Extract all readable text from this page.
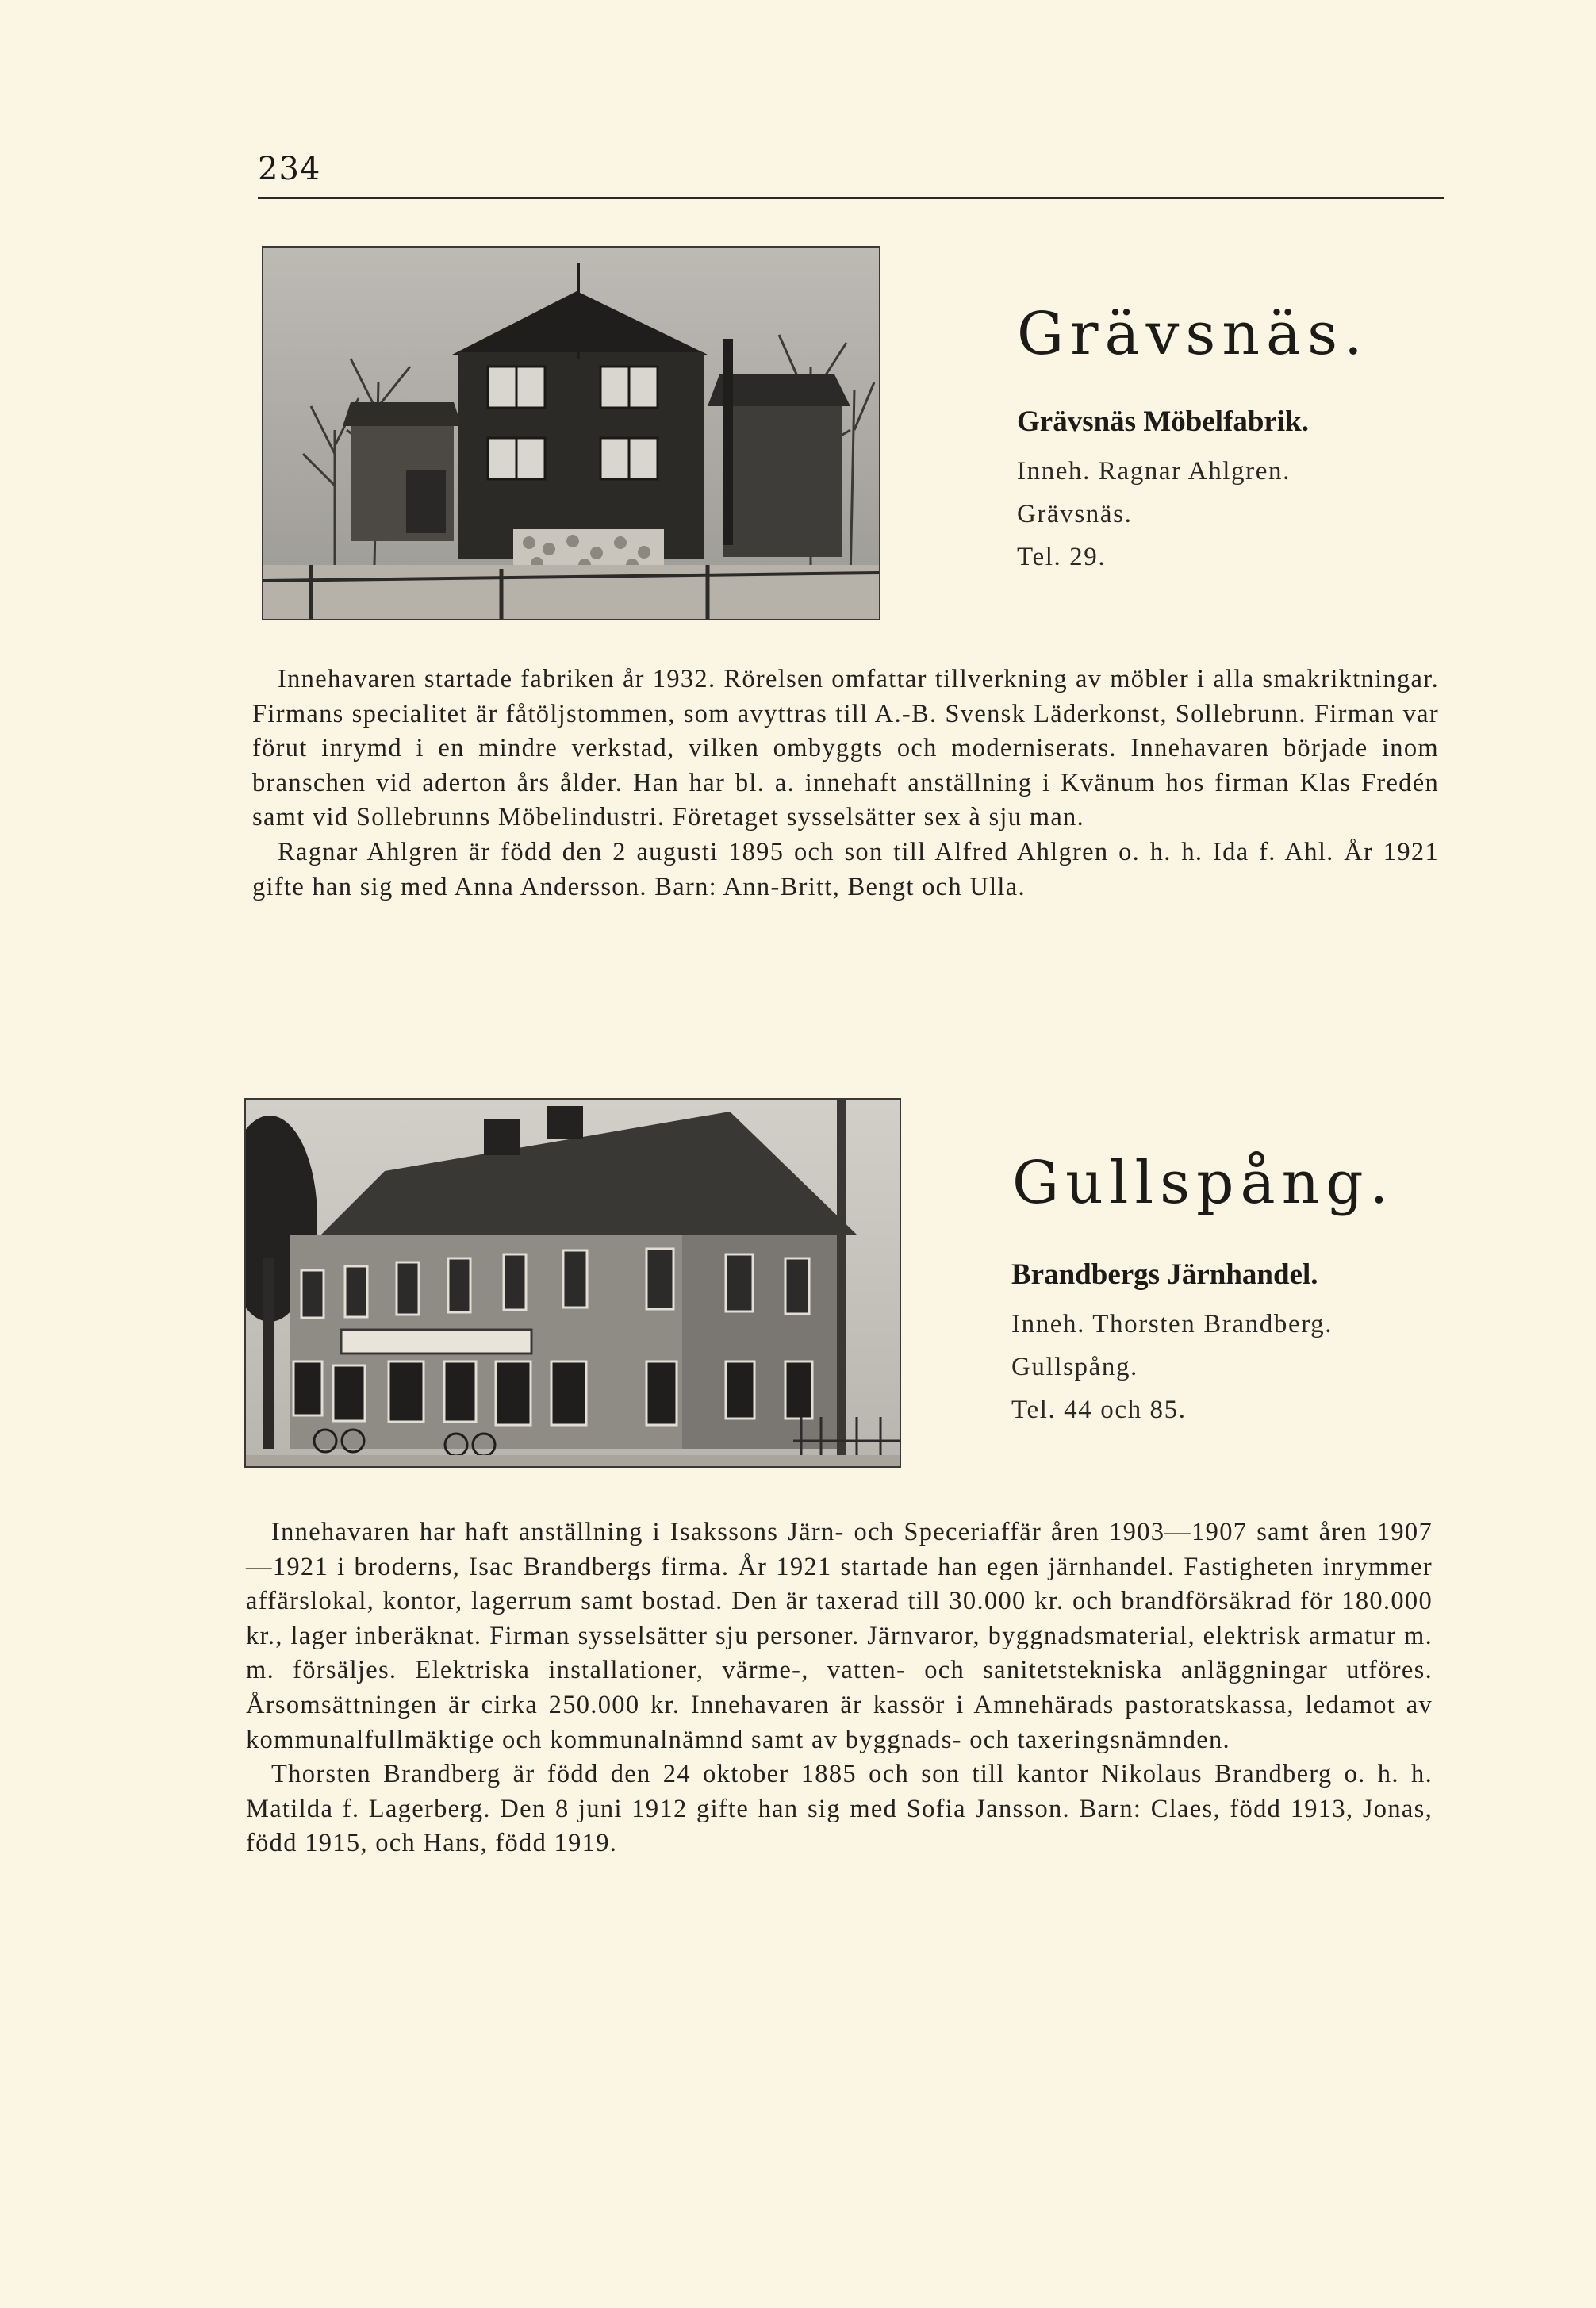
234
Grävsnäs.
Grävsnäs Möbelfabrik.
Inneh. Ragnar Ahlgren.
Grävsnäs.
Tel. 29.

Innehavaren startade fabriken år 1932. Rörelsen omfattar tillverkning av möbler i alla smakriktningar. Firmans specialitet är fåtöljstommen, som avyttras till A.-B. Svensk Läderkonst, Sollebrunn. Firman var förut inrymd i en mindre verkstad, vilken ombyggts och moderniserats. Innehavaren började inom branschen vid aderton års ålder. Han har bl. a. innehaft anställning i Kvänum hos firman Klas Fredén samt vid Sollebrunns Möbelindustri. Företaget sysselsätter sex à sju man.

Ragnar Ahlgren är född den 2 augusti 1895 och son till Alfred Ahlgren o. h. h. Ida f. Ahl. År 1921 gifte han sig med Anna Andersson. Barn: Ann-Britt, Bengt och Ulla.

Gullspång.
Brandbergs Järnhandel.
Inneh. Thorsten Brandberg.
Gullspång.
Tel. 44 och 85.

Innehavaren har haft anställning i Isakssons Järn- och Speceriaffär åren 1903—1907 samt åren 1907—1921 i broderns, Isac Brandbergs firma. År 1921 startade han egen järnhandel. Fastigheten inrymmer affärslokal, kontor, lagerrum samt bostad. Den är taxerad till 30.000 kr. och brandförsäkrad för 180.000 kr., lager inberäknat. Firman sysselsätter sju personer. Järnvaror, byggnadsmaterial, elektrisk armatur m. m. försäljes. Elektriska installationer, värme-, vatten- och sanitetstekniska anläggningar utföres. Årsomsättningen är cirka 250.000 kr. Innehavaren är kassör i Amnehärads pastoratskassa, ledamot av kommunalfullmäktige och kommunalnämnd samt av byggnads- och taxeringsnämnden.

Thorsten Brandberg är född den 24 oktober 1885 och son till kantor Nikolaus Brandberg o. h. h. Matilda f. Lagerberg. Den 8 juni 1912 gifte han sig med Sofia Jansson. Barn: Claes, född 1913, Jonas, född 1915, och Hans, född 1919.
